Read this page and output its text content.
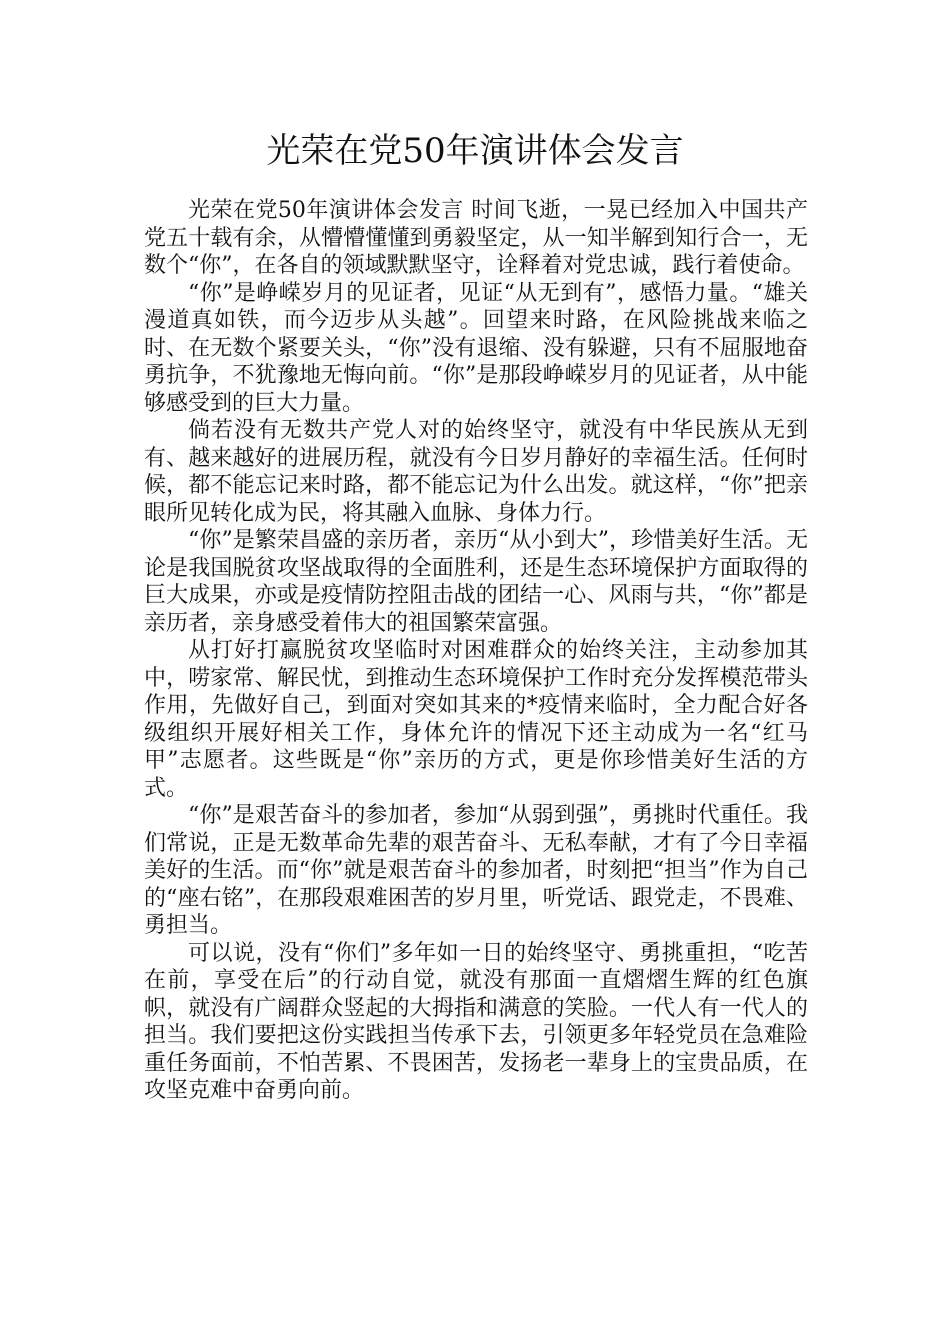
光荣在党50年演讲体会发言

光荣在党50年演讲体会发言 时间飞逝，一晃已经加入中国共产党五十载有余，从懵懵懂懂到勇毅坚定，从一知半解到知行合一，无数个“你”，在各自的领域默默坚守，诠释着对党忠诚，践行着使命。

“你”是峥嵘岁月的见证者，见证“从无到有”，感悟力量。“雄关漫道真如铁，而今迈步从头越”。回望来时路，在风险挑战来临之时、在无数个紧要关头，“你”没有退缩、没有躲避，只有不屈服地奋勇抗争，不犹豫地无悔向前。“你”是那段峥嵘岁月的见证者，从中能够感受到的巨大力量。

倘若没有无数共产党人对的始终坚守，就没有中华民族从无到有、越来越好的进展历程，就没有今日岁月静好的幸福生活。任何时候，都不能忘记来时路，都不能忘记为什么出发。就这样，“你”把亲眼所见转化成为民，将其融入血脉、身体力行。

“你”是繁荣昌盛的亲历者，亲历“从小到大”，珍惜美好生活。无论是我国脱贫攻坚战取得的全面胜利，还是生态环境保护方面取得的巨大成果，亦或是疫情防控阻击战的团结一心、风雨与共，“你”都是亲历者，亲身感受着伟大的祖国繁荣富强。

从打好打赢脱贫攻坚临时对困难群众的始终关注，主动参加其中，唠家常、解民忧，到推动生态环境保护工作时充分发挥模范带头作用，先做好自己，到面对突如其来的*疫情来临时，全力配合好各级组织开展好相关工作，身体允许的情况下还主动成为一名“红马甲”志愿者。这些既是“你”亲历的方式，更是你珍惜美好生活的方式。

“你”是艰苦奋斗的参加者，参加“从弱到强”，勇挑时代重任。我们常说，正是无数革命先辈的艰苦奋斗、无私奉献，才有了今日幸福美好的生活。而“你”就是艰苦奋斗的参加者，时刻把“担当”作为自己的“座右铭”，在那段艰难困苦的岁月里，听党话、跟党走，不畏难、勇担当。

可以说，没有“你们”多年如一日的始终坚守、勇挑重担，“吃苦在前，享受在后”的行动自觉，就没有那面一直熠熠生辉的红色旗帜，就没有广阔群众竖起的大拇指和满意的笑脸。一代人有一代人的担当。我们要把这份实践担当传承下去，引领更多年轻党员在急难险重任务面前，不怕苦累、不畏困苦，发扬老一辈身上的宝贵品质，在攻坚克难中奋勇向前。
